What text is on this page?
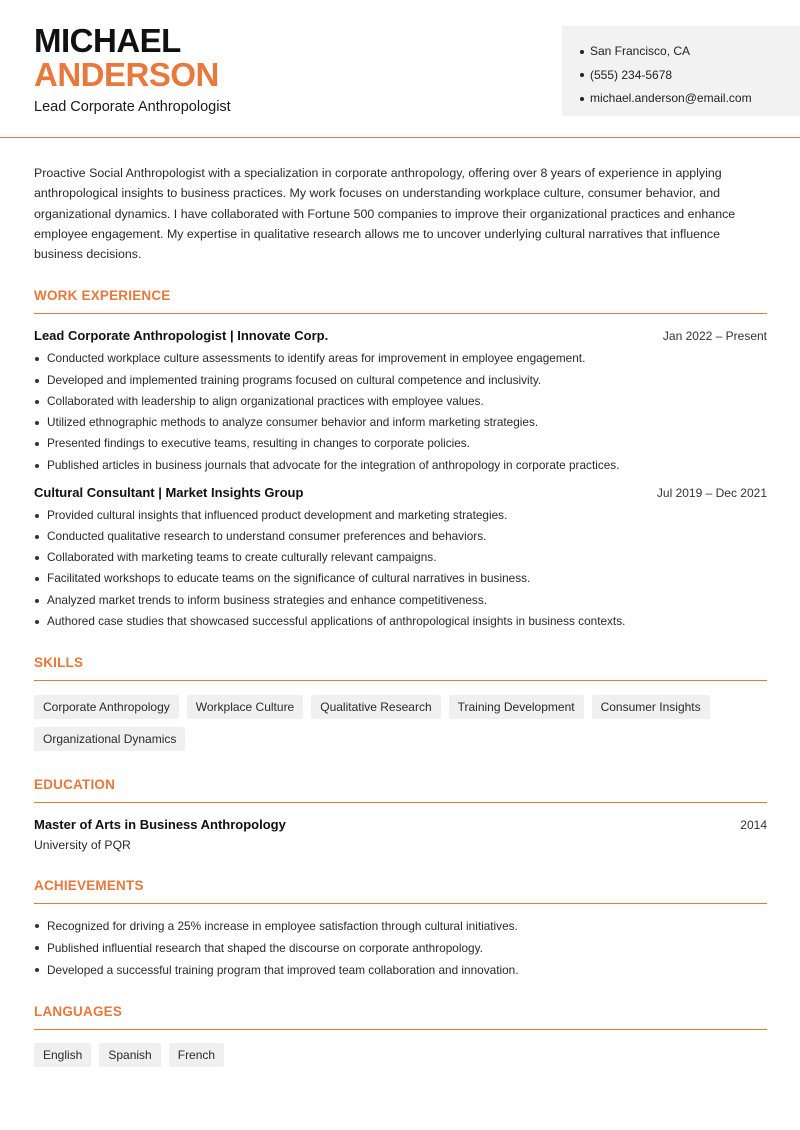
MICHAEL
ANDERSON
Lead Corporate Anthropologist
San Francisco, CA
(555) 234-5678
michael.anderson@email.com

Proactive Social Anthropologist with a specialization in corporate anthropology, offering over 8 years of experience in applying anthropological insights to business practices. My work focuses on understanding workplace culture, consumer behavior, and organizational dynamics. I have collaborated with Fortune 500 companies to improve their organizational practices and enhance employee engagement. My expertise in qualitative research allows me to uncover underlying cultural narratives that influence business decisions.

WORK EXPERIENCE
Lead Corporate Anthropologist | Innovate Corp.	Jan 2022 – Present
Conducted workplace culture assessments to identify areas for improvement in employee engagement.
Developed and implemented training programs focused on cultural competence and inclusivity.
Collaborated with leadership to align organizational practices with employee values.
Utilized ethnographic methods to analyze consumer behavior and inform marketing strategies.
Presented findings to executive teams, resulting in changes to corporate policies.
Published articles in business journals that advocate for the integration of anthropology in corporate practices.
Cultural Consultant | Market Insights Group	Jul 2019 – Dec 2021
Provided cultural insights that influenced product development and marketing strategies.
Conducted qualitative research to understand consumer preferences and behaviors.
Collaborated with marketing teams to create culturally relevant campaigns.
Facilitated workshops to educate teams on the significance of cultural narratives in business.
Analyzed market trends to inform business strategies and enhance competitiveness.
Authored case studies that showcased successful applications of anthropological insights in business contexts.
SKILLS
Corporate Anthropology	Workplace Culture	Qualitative Research	Training Development	Consumer Insights
Organizational Dynamics
EDUCATION
Master of Arts in Business Anthropology	2014
University of PQR
ACHIEVEMENTS
Recognized for driving a 25% increase in employee satisfaction through cultural initiatives.
Published influential research that shaped the discourse on corporate anthropology.
Developed a successful training program that improved team collaboration and innovation.
LANGUAGES
English	Spanish	French
